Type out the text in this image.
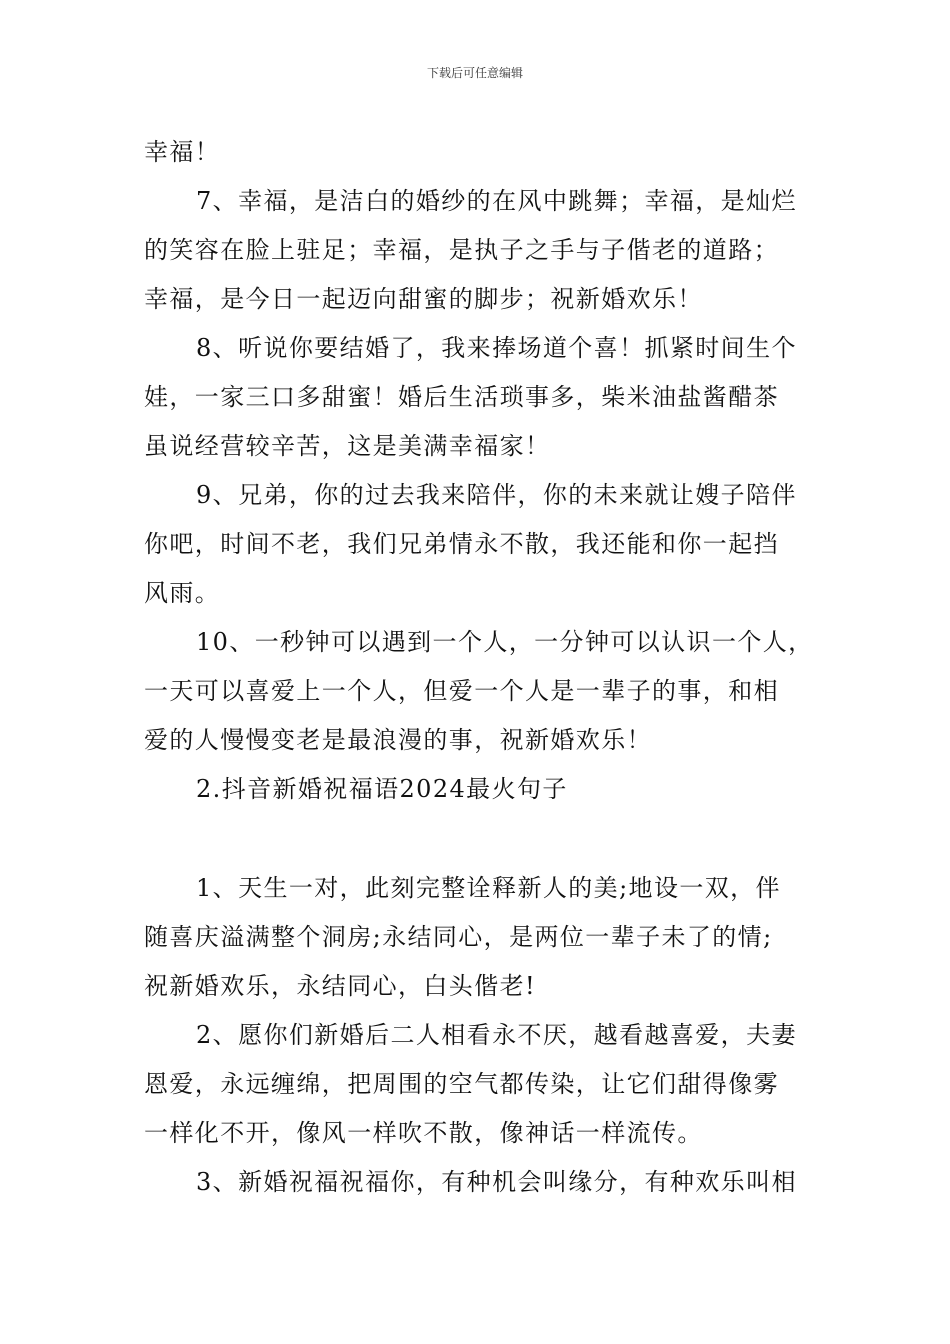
下载后可任意编辑
幸福！
7、幸福，是洁白的婚纱的在风中跳舞；幸福，是灿烂
的笑容在脸上驻足；幸福，是执子之手与子偕老的道路；
幸福，是今日一起迈向甜蜜的脚步；祝新婚欢乐！
8、听说你要结婚了，我来捧场道个喜！抓紧时间生个
娃，一家三口多甜蜜！婚后生活琐事多，柴米油盐酱醋茶
虽说经营较辛苦，这是美满幸福家！
9、兄弟，你的过去我来陪伴，你的未来就让嫂子陪伴
你吧，时间不老，我们兄弟情永不散，我还能和你一起挡
风雨。
10、一秒钟可以遇到一个人，一分钟可以认识一个人，
一天可以喜爱上一个人，但爱一个人是一辈子的事，和相
爱的人慢慢变老是最浪漫的事，祝新婚欢乐！
2.抖音新婚祝福语2024最火句子
1、天生一对，此刻完整诠释新人的美;地设一双，伴
随喜庆溢满整个洞房;永结同心，是两位一辈子未了的情;
祝新婚欢乐，永结同心，白头偕老!
2、愿你们新婚后二人相看永不厌，越看越喜爱，夫妻
恩爱，永远缠绵，把周围的空气都传染，让它们甜得像雾
一样化不开，像风一样吹不散，像神话一样流传。
3、新婚祝福祝福你，有种机会叫缘分，有种欢乐叫相
